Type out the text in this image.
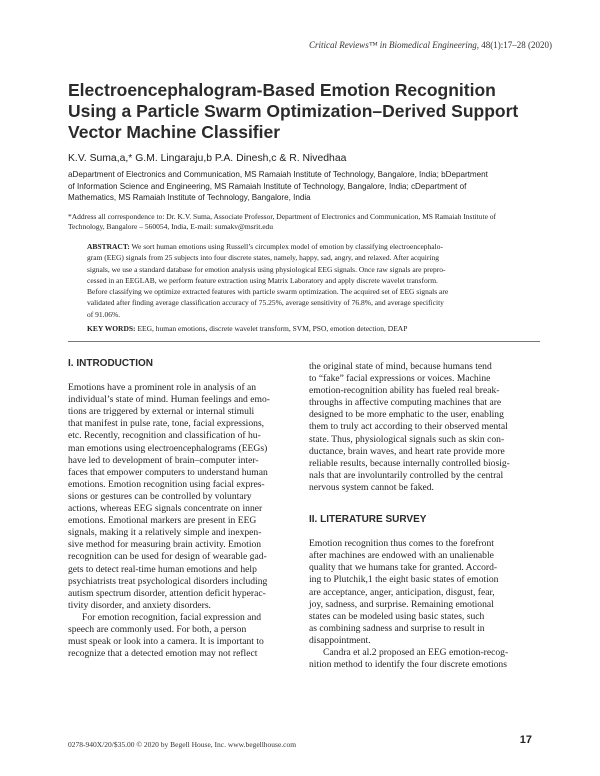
Critical Reviews™ in Biomedical Engineering, 48(1):17–28 (2020)
Electroencephalogram-Based Emotion Recognition
Using a Particle Swarm Optimization–Derived Support
Vector Machine Classifier
K.V. Suma,a,* G.M. Lingaraju,b P.A. Dinesh,c & R. Nivedhaa
aDepartment of Electronics and Communication, MS Ramaiah Institute of Technology, Bangalore, India; bDepartment
of Information Science and Engineering, MS Ramaiah Institute of Technology, Bangalore, India; cDepartment of
Mathematics, MS Ramaiah Institute of Technology, Bangalore, India
*Address all correspondence to: Dr. K.V. Suma, Associate Professor, Department of Electronics and Communication, MS Ramaiah Institute of
Technology, Bangalore – 560054, India, E-mail: sumakv@msrit.edu
ABSTRACT: We sort human emotions using Russell’s circumplex model of emotion by classifying electroencephalo-
gram (EEG) signals from 25 subjects into four discrete states, namely, happy, sad, angry, and relaxed. After acquiring
signals, we use a standard database for emotion analysis using physiological EEG signals. Once raw signals are prepro-
cessed in an EEGLAB, we perform feature extraction using Matrix Laboratory and apply discrete wavelet transform.
Before classifying we optimize extracted features with particle swarm optimization. The acquired set of EEG signals are
validated after finding average classification accuracy of 75.25%, average sensitivity of 76.8%, and average specificity
of 91.06%.
KEY WORDS: EEG, human emotions, discrete wavelet transform, SVM, PSO, emotion detection, DEAP
I. INTRODUCTION
Emotions have a prominent role in analysis of an
individual’s state of mind. Human feelings and emo-
tions are triggered by external or internal stimuli
that manifest in pulse rate, tone, facial expressions,
etc. Recently, recognition and classification of hu-
man emotions using electroencephalograms (EEGs)
have led to development of brain–computer inter-
faces that empower computers to understand human
emotions. Emotion recognition using facial expres-
sions or gestures can be controlled by voluntary
actions, whereas EEG signals concentrate on inner
emotions. Emotional markers are present in EEG
signals, making it a relatively simple and inexpen-
sive method for measuring brain activity. Emotion
recognition can be used for design of wearable gad-
gets to detect real-time human emotions and help
psychiatrists treat psychological disorders including
autism spectrum disorder, attention deficit hyperac-
tivity disorder, and anxiety disorders.
For emotion recognition, facial expression and
speech are commonly used. For both, a person
must speak or look into a camera. It is important to
recognize that a detected emotion may not reflect
the original state of mind, because humans tend
to “fake” facial expressions or voices. Machine
emotion-recognition ability has fueled real break-
throughs in affective computing machines that are
designed to be more emphatic to the user, enabling
them to truly act according to their observed mental
state. Thus, physiological signals such as skin con-
ductance, brain waves, and heart rate provide more
reliable results, because internally controlled biosig-
nals that are involuntarily controlled by the central
nervous system cannot be faked.
II. LITERATURE SURVEY
Emotion recognition thus comes to the forefront
after machines are endowed with an unalienable
quality that we humans take for granted. Accord-
ing to Plutchik,1 the eight basic states of emotion
are acceptance, anger, anticipation, disgust, fear,
joy, sadness, and surprise. Remaining emotional
states can be modeled using basic states, such
as combining sadness and surprise to result in
disappointment.
Candra et al.2 proposed an EEG emotion-recog-
nition method to identify the four discrete emotions
0278-940X/20/$35.00 © 2020 by Begell House, Inc. www.begellhouse.com	17
